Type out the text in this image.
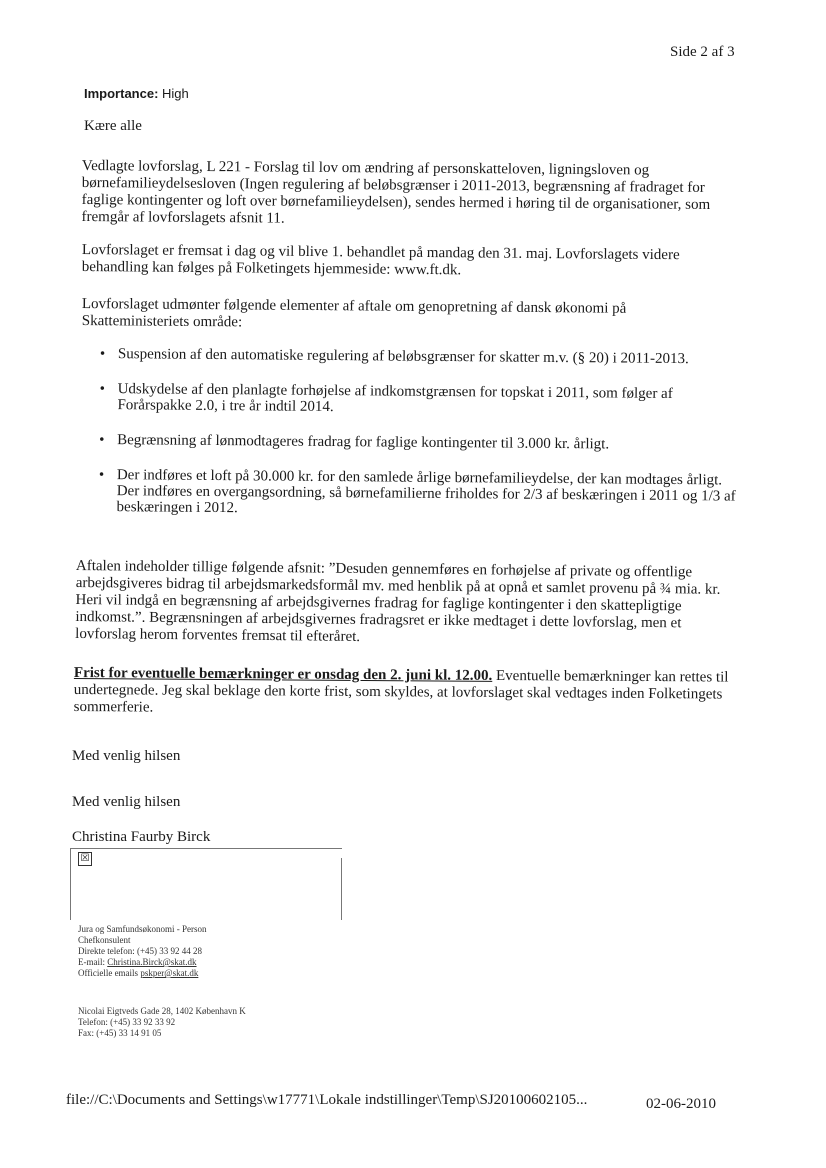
Side 2 af 3
Importance: High
Kære alle
Vedlagte lovforslag, L 221 - Forslag til lov om ændring af personskatteloven, ligningsloven og børnefamilieydelsesloven (Ingen regulering af beløbsgrænser i 2011-2013, begrænsning af fradraget for faglige kontingenter og loft over børnefamilieydelsen), sendes hermed i høring til de organisationer, som fremgår af lovforslagets afsnit 11.
Lovforslaget er fremsat i dag og vil blive 1. behandlet på mandag den 31. maj. Lovforslagets videre behandling kan følges på Folketingets hjemmeside: www.ft.dk.
Lovforslaget udmønter følgende elementer af aftale om genopretning af dansk økonomi på Skatteministeriets område:
• Suspension af den automatiske regulering af beløbsgrænser for skatter m.v. (§ 20) i 2011-2013.
• Udskydelse af den planlagte forhøjelse af indkomstgrænsen for topskat i 2011, som følger af Forårspakke 2.0, i tre år indtil 2014.
• Begrænsning af lønmodtageres fradrag for faglige kontingenter til 3.000 kr. årligt.
• Der indføres et loft på 30.000 kr. for den samlede årlige børnefamilieydelse, der kan modtages årligt. Der indføres en overgangsordning, så børnefamilierne friholdes for 2/3 af beskæringen i 2011 og 1/3 af beskæringen i 2012.
Aftalen indeholder tillige følgende afsnit: ”Desuden gennemføres en forhøjelse af private og offentlige arbejdsgiveres bidrag til arbejdsmarkedsformål mv. med henblik på at opnå et samlet provenu på ¾ mia. kr. Heri vil indgå en begrænsning af arbejdsgivernes fradrag for faglige kontingenter i den skattepligtige indkomst.”. Begrænsningen af arbejdsgivernes fradragsret er ikke medtaget i dette lovforslag, men et lovforslag herom forventes fremsat til efteråret.
Frist for eventuelle bemærkninger er onsdag den 2. juni kl. 12.00. Eventuelle bemærkninger kan rettes til undertegnede. Jeg skal beklage den korte frist, som skyldes, at lovforslaget skal vedtages inden Folketingets sommerferie.
Med venlig hilsen
Med venlig hilsen
Christina Faurby Birck
☒
Jura og Samfundsøkonomi - Person
Chefkonsulent
Direkte telefon: (+45) 33 92 44 28
E-mail: Christina.Birck@skat.dk
Officielle emails pskper@skat.dk
Nicolai Eigtveds Gade 28, 1402 København K
Telefon: (+45) 33 92 33 92
Fax: (+45) 33 14 91 05
file://C:\Documents and Settings\w17771\Lokale indstillinger\Temp\SJ20100602105...	02-06-2010
